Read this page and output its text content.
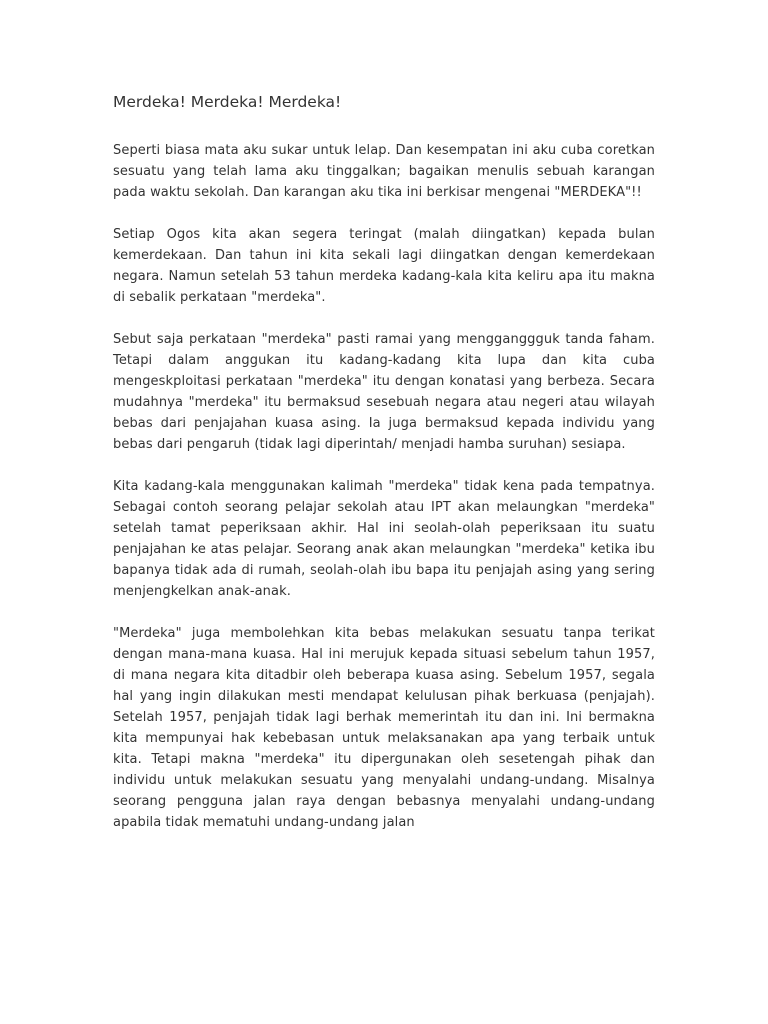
Merdeka! Merdeka! Merdeka!

Seperti biasa mata aku sukar untuk lelap. Dan kesempatan ini aku cuba coretkan sesuatu yang telah lama aku tinggalkan; bagaikan menulis sebuah karangan pada waktu sekolah. Dan karangan aku tika ini berkisar mengenai "MERDEKA"!!

Setiap Ogos kita akan segera teringat (malah diingatkan) kepada bulan kemerdekaan. Dan tahun ini kita sekali lagi diingatkan dengan kemerdekaan negara. Namun setelah 53 tahun merdeka kadang-kala kita keliru apa itu makna di sebalik perkataan "merdeka".

Sebut saja perkataan "merdeka" pasti ramai yang mengganggguk tanda faham. Tetapi dalam anggukan itu kadang-kadang kita lupa dan kita cuba mengeskploitasi perkataan "merdeka" itu dengan konatasi yang berbeza. Secara mudahnya "merdeka" itu bermaksud sesebuah negara atau negeri atau wilayah bebas dari penjajahan kuasa asing. Ia juga bermaksud kepada individu yang bebas dari pengaruh (tidak lagi diperintah/ menjadi hamba suruhan) sesiapa.

Kita kadang-kala menggunakan kalimah "merdeka" tidak kena pada tempatnya. Sebagai contoh seorang pelajar sekolah atau IPT akan melaungkan "merdeka" setelah tamat peperiksaan akhir. Hal ini seolah-olah peperiksaan itu suatu penjajahan ke atas pelajar. Seorang anak akan melaungkan "merdeka" ketika ibu bapanya tidak ada di rumah, seolah-olah ibu bapa itu penjajah asing yang sering menjengkelkan anak-anak.

"Merdeka" juga membolehkan kita bebas melakukan sesuatu tanpa terikat dengan mana-mana kuasa. Hal ini merujuk kepada situasi sebelum tahun 1957, di mana negara kita ditadbir oleh beberapa kuasa asing. Sebelum 1957, segala hal yang ingin dilakukan mesti mendapat kelulusan pihak berkuasa (penjajah). Setelah 1957, penjajah tidak lagi berhak memerintah itu dan ini. Ini bermakna kita mempunyai hak kebebasan untuk melaksanakan apa yang terbaik untuk kita. Tetapi makna "merdeka" itu dipergunakan oleh sesetengah pihak dan individu untuk melakukan sesuatu yang menyalahi undang-undang. Misalnya seorang pengguna jalan raya dengan bebasnya menyalahi undang-undang apabila tidak mematuhi undang-undang jalan
